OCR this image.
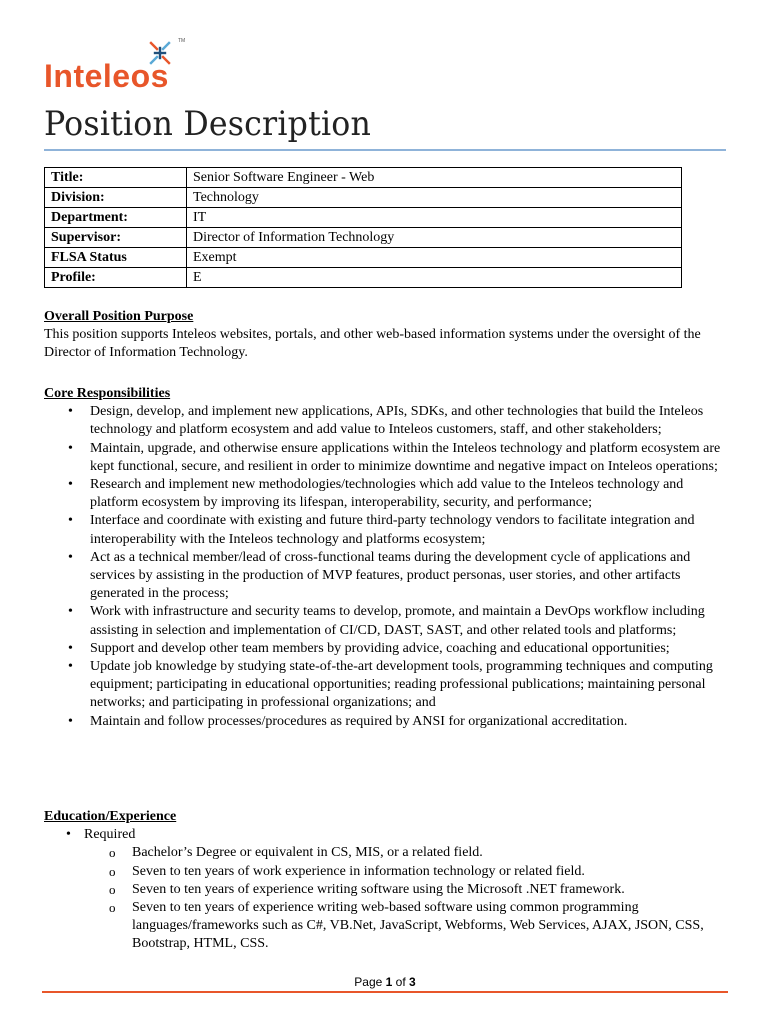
TM
Inteleos
Position Description
Title:	Senior Software Engineer - Web
Division:	Technology
Department:	IT
Supervisor:	Director of Information Technology
FLSA Status	Exempt
Profile:	E
Overall Position Purpose
This position supports Inteleos websites, portals, and other web-based information systems under the oversight of the Director of Information Technology.
Core Responsibilities
• Design, develop, and implement new applications, APIs, SDKs, and other technologies that build the Inteleos technology and platform ecosystem and add value to Inteleos customers, staff, and other stakeholders;
• Maintain, upgrade, and otherwise ensure applications within the Inteleos technology and platform ecosystem are kept functional, secure, and resilient in order to minimize downtime and negative impact on Inteleos operations;
• Research and implement new methodologies/technologies which add value to the Inteleos technology and platform ecosystem by improving its lifespan, interoperability, security, and performance;
• Interface and coordinate with existing and future third-party technology vendors to facilitate integration and interoperability with the Inteleos technology and platforms ecosystem;
• Act as a technical member/lead of cross-functional teams during the development cycle of applications and services by assisting in the production of MVP features, product personas, user stories, and other artifacts generated in the process;
• Work with infrastructure and security teams to develop, promote, and maintain a DevOps workflow including assisting in selection and implementation of CI/CD, DAST, SAST, and other related tools and platforms;
• Support and develop other team members by providing advice, coaching and educational opportunities;
• Update job knowledge by studying state-of-the-art development tools, programming techniques and computing equipment; participating in educational opportunities; reading professional publications; maintaining personal networks; and participating in professional organizations; and
• Maintain and follow processes/procedures as required by ANSI for organizational accreditation.
Education/Experience
• Required
o Bachelor’s Degree or equivalent in CS, MIS, or a related field.
o Seven to ten years of work experience in information technology or related field.
o Seven to ten years of experience writing software using the Microsoft .NET framework.
o Seven to ten years of experience writing web-based software using common programming languages/frameworks such as C#, VB.Net, JavaScript, Webforms, Web Services, AJAX, JSON, CSS, Bootstrap, HTML, CSS.
Page 1 of 3
